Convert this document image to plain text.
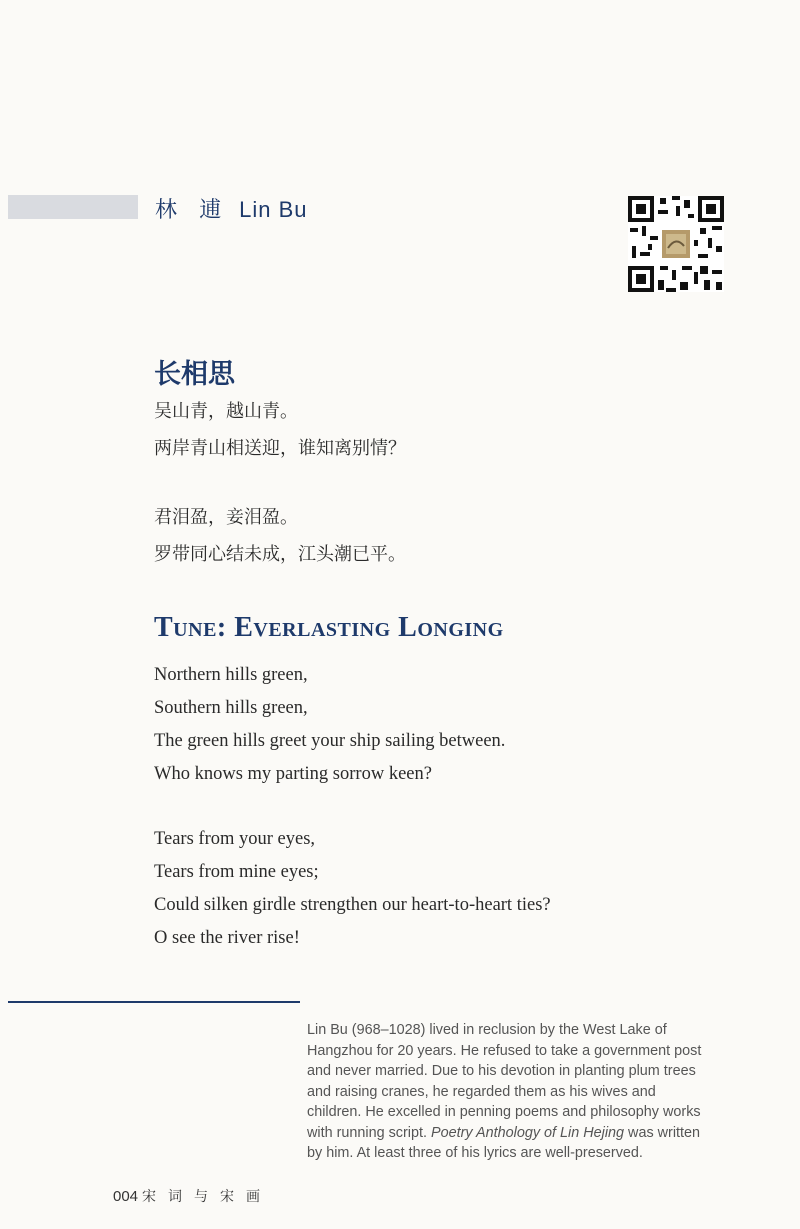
林 逋 Lin Bu
长相思
吴山青，越山青。
两岸青山相送迎，谁知离别情？
君泪盈，妾泪盈。
罗带同心结未成，江头潮已平。
Tune: Everlasting Longing
Northern hills green,
Southern hills green,
The green hills greet your ship sailing between.
Who knows my parting sorrow keen?
Tears from your eyes,
Tears from mine eyes;
Could silken girdle strengthen our heart-to-heart ties?
O see the river rise!

Lin Bu (968–1028) lived in reclusion by the West Lake of Hangzhou for 20 years. He refused to take a government post and never married. Due to his devotion in planting plum trees and raising cranes, he regarded them as his wives and children. He excelled in penning poems and philosophy works with running script. Poetry Anthology of Lin Hejing was written by him. At least three of his lyrics are well-preserved.

004 宋词与宋画
